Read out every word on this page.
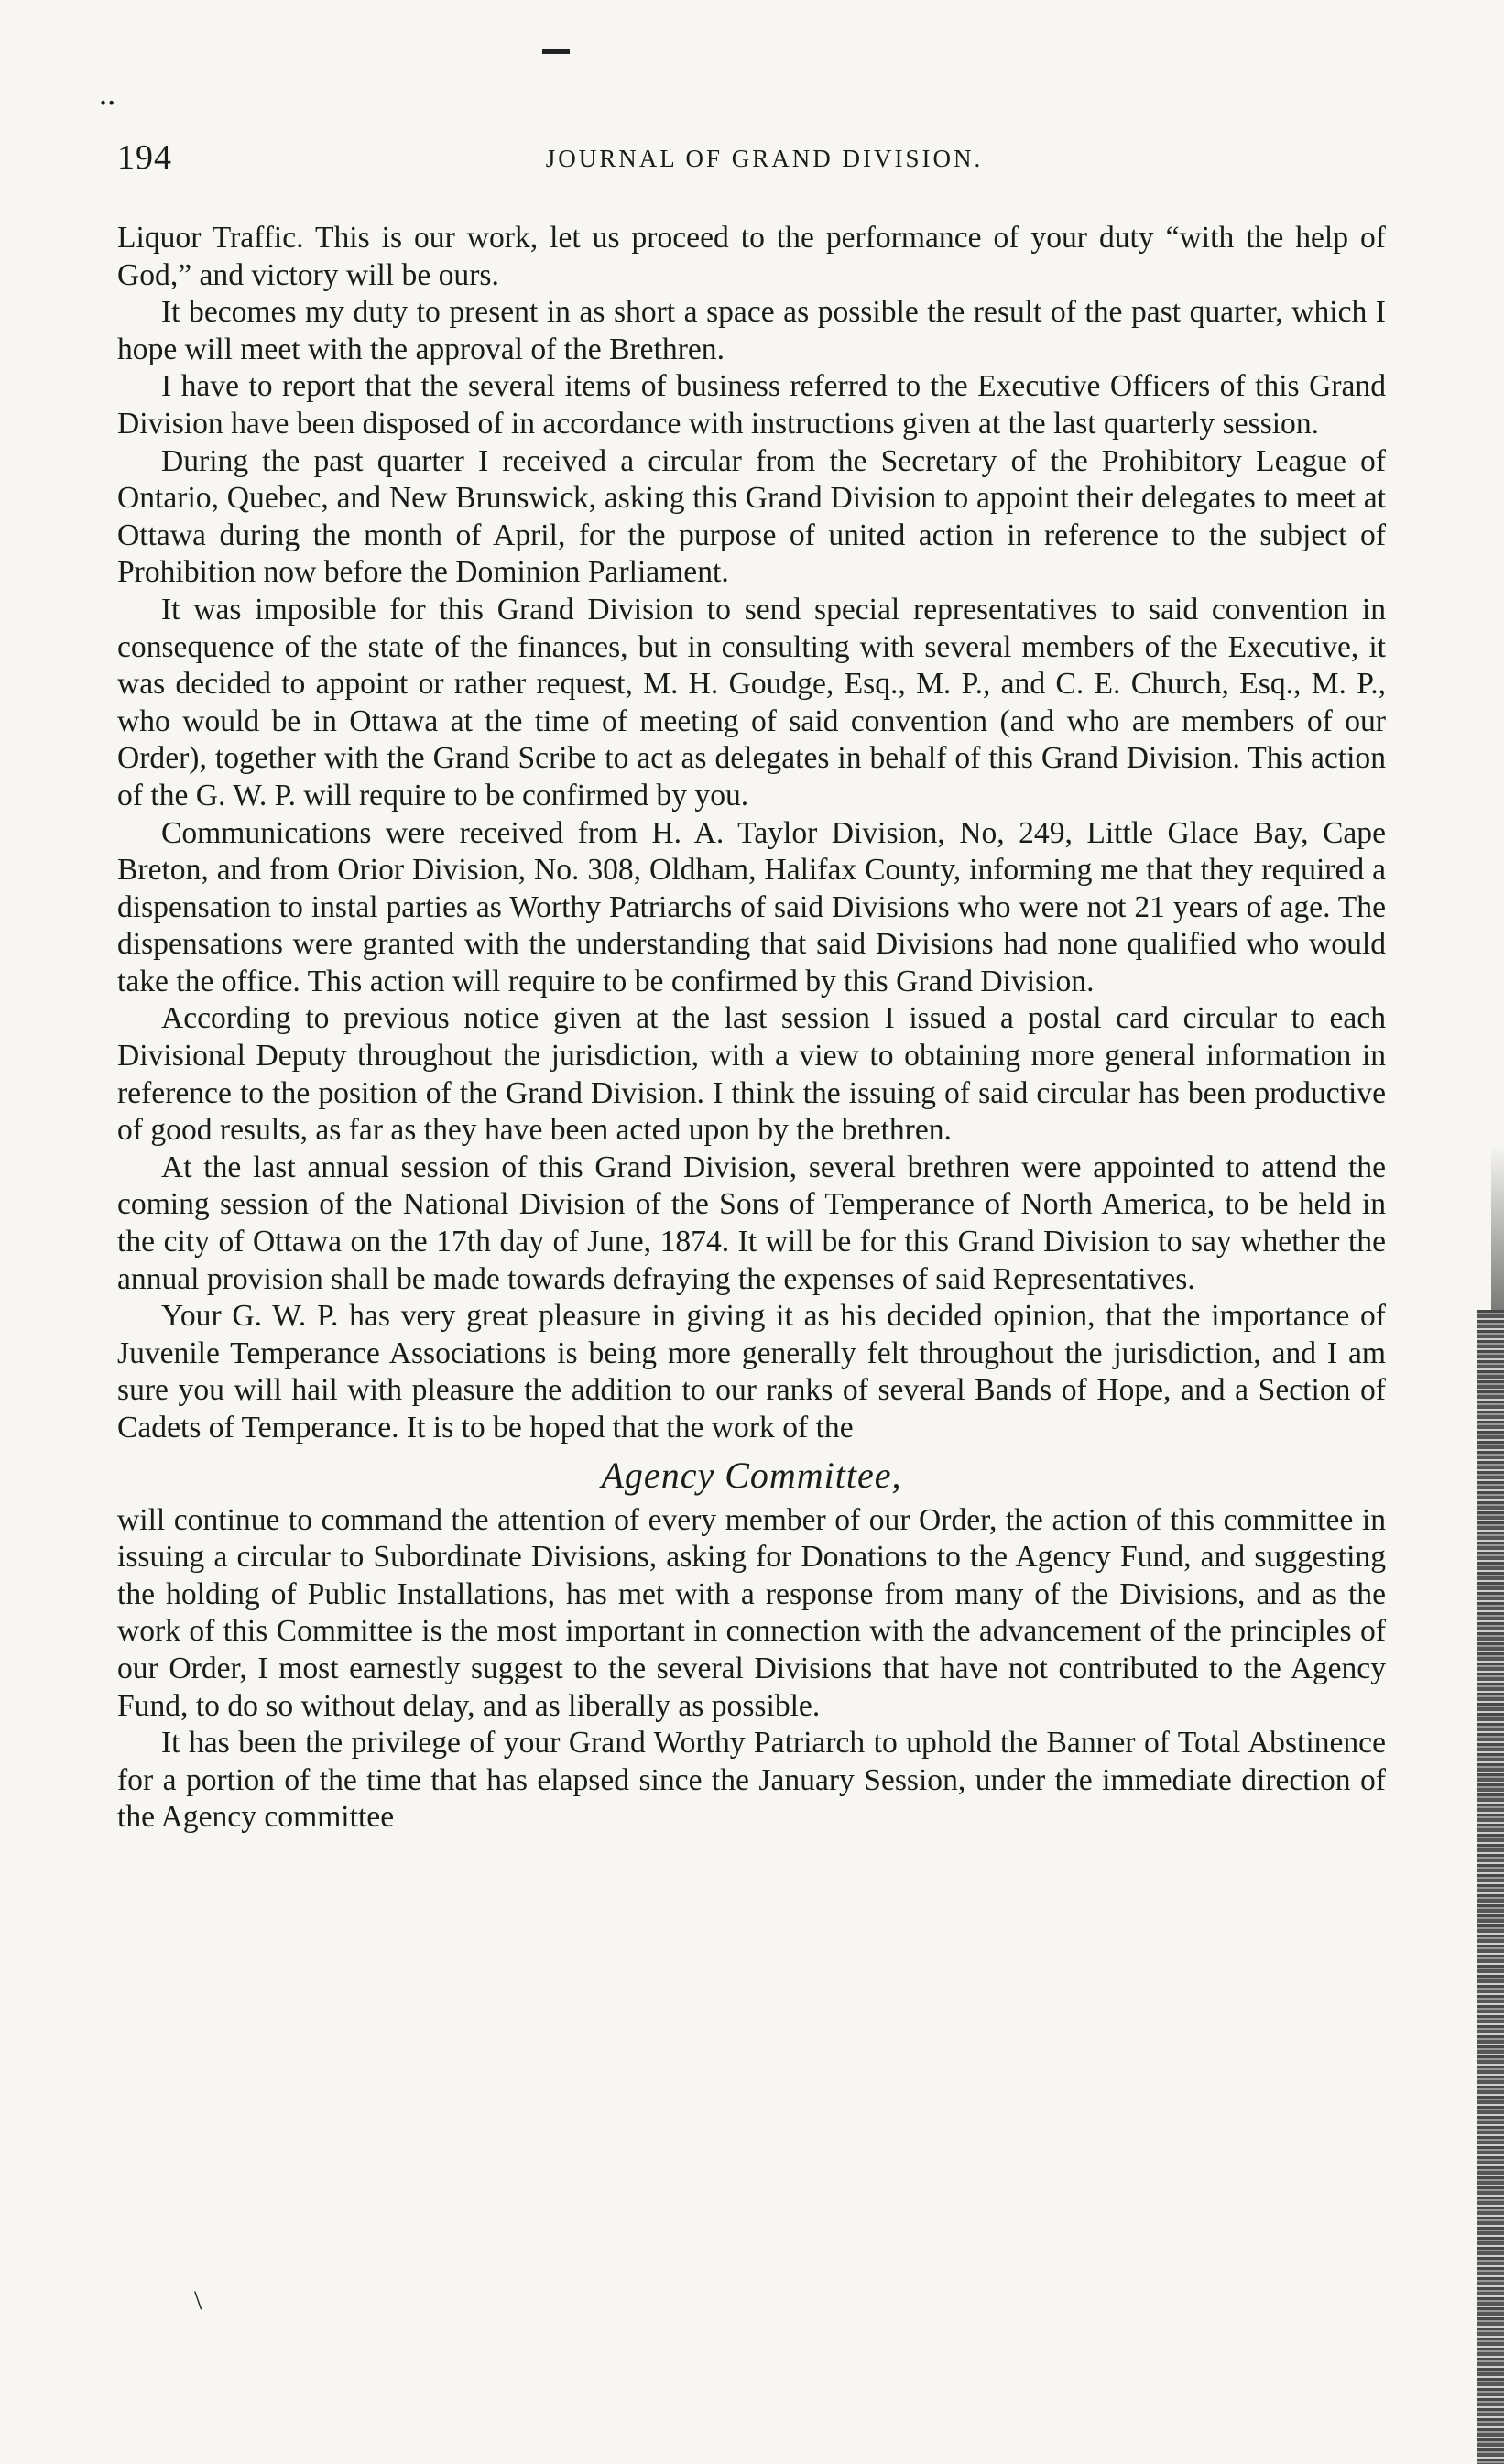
⸳⸳
194	JOURNAL OF GRAND DIVISION.

Liquor Traffic. This is our work, let us proceed to the performance of your duty “with the help of God,” and victory will be ours.

It becomes my duty to present in as short a space as possible the result of the past quarter, which I hope will meet with the approval of the Brethren.

I have to report that the several items of business referred to the Executive Officers of this Grand Division have been disposed of in accordance with instructions given at the last quarterly session.

During the past quarter I received a circular from the Secretary of the Prohibitory League of Ontario, Quebec, and New Brunswick, asking this Grand Division to appoint their delegates to meet at Ottawa during the month of April, for the purpose of united action in reference to the subject of Prohibition now before the Dominion Parliament.

It was imposible for this Grand Division to send special representatives to said convention in consequence of the state of the finances, but in consulting with several members of the Executive, it was decided to appoint or rather request, M. H. Goudge, Esq., M. P., and C. E. Church, Esq., M. P., who would be in Ottawa at the time of meeting of said convention (and who are members of our Order), together with the Grand Scribe to act as delegates in behalf of this Grand Division. This action of the G. W. P. will require to be confirmed by you.

Communications were received from H. A. Taylor Division, No, 249, Little Glace Bay, Cape Breton, and from Orior Division, No. 308, Oldham, Halifax County, informing me that they required a dispensation to instal parties as Worthy Patriarchs of said Divisions who were not 21 years of age. The dispensations were granted with the understanding that said Divisions had none qualified who would take the office. This action will require to be confirmed by this Grand Division.

According to previous notice given at the last session I issued a postal card circular to each Divisional Deputy throughout the jurisdiction, with a view to obtaining more general information in reference to the position of the Grand Division. I think the issuing of said circular has been productive of good results, as far as they have been acted upon by the brethren.

At the last annual session of this Grand Division, several brethren were appointed to attend the coming session of the National Division of the Sons of Temperance of North America, to be held in the city of Ottawa on the 17th day of June, 1874. It will be for this Grand Division to say whether the annual provision shall be made towards defraying the expenses of said Representatives.

Your G. W. P. has very great pleasure in giving it as his decided opinion, that the importance of Juvenile Temperance Associations is being more generally felt throughout the jurisdiction, and I am sure you will hail with pleasure the addition to our ranks of several Bands of Hope, and a Section of Cadets of Temperance. It is to be hoped that the work of the

Agency Committee,

will continue to command the attention of every member of our Order, the action of this committee in issuing a circular to Subordinate Divisions, asking for Donations to the Agency Fund, and suggesting the holding of Public Installations, has met with a response from many of the Divisions, and as the work of this Committee is the most important in connection with the advancement of the principles of our Order, I most earnestly suggest to the several Divisions that have not contributed to the Agency Fund, to do so without delay, and as liberally as possible.

It has been the privilege of your Grand Worthy Patriarch to uphold the Banner of Total Abstinence for a portion of the time that has elapsed since the January Session, under the immediate direction of the Agency committee

\
